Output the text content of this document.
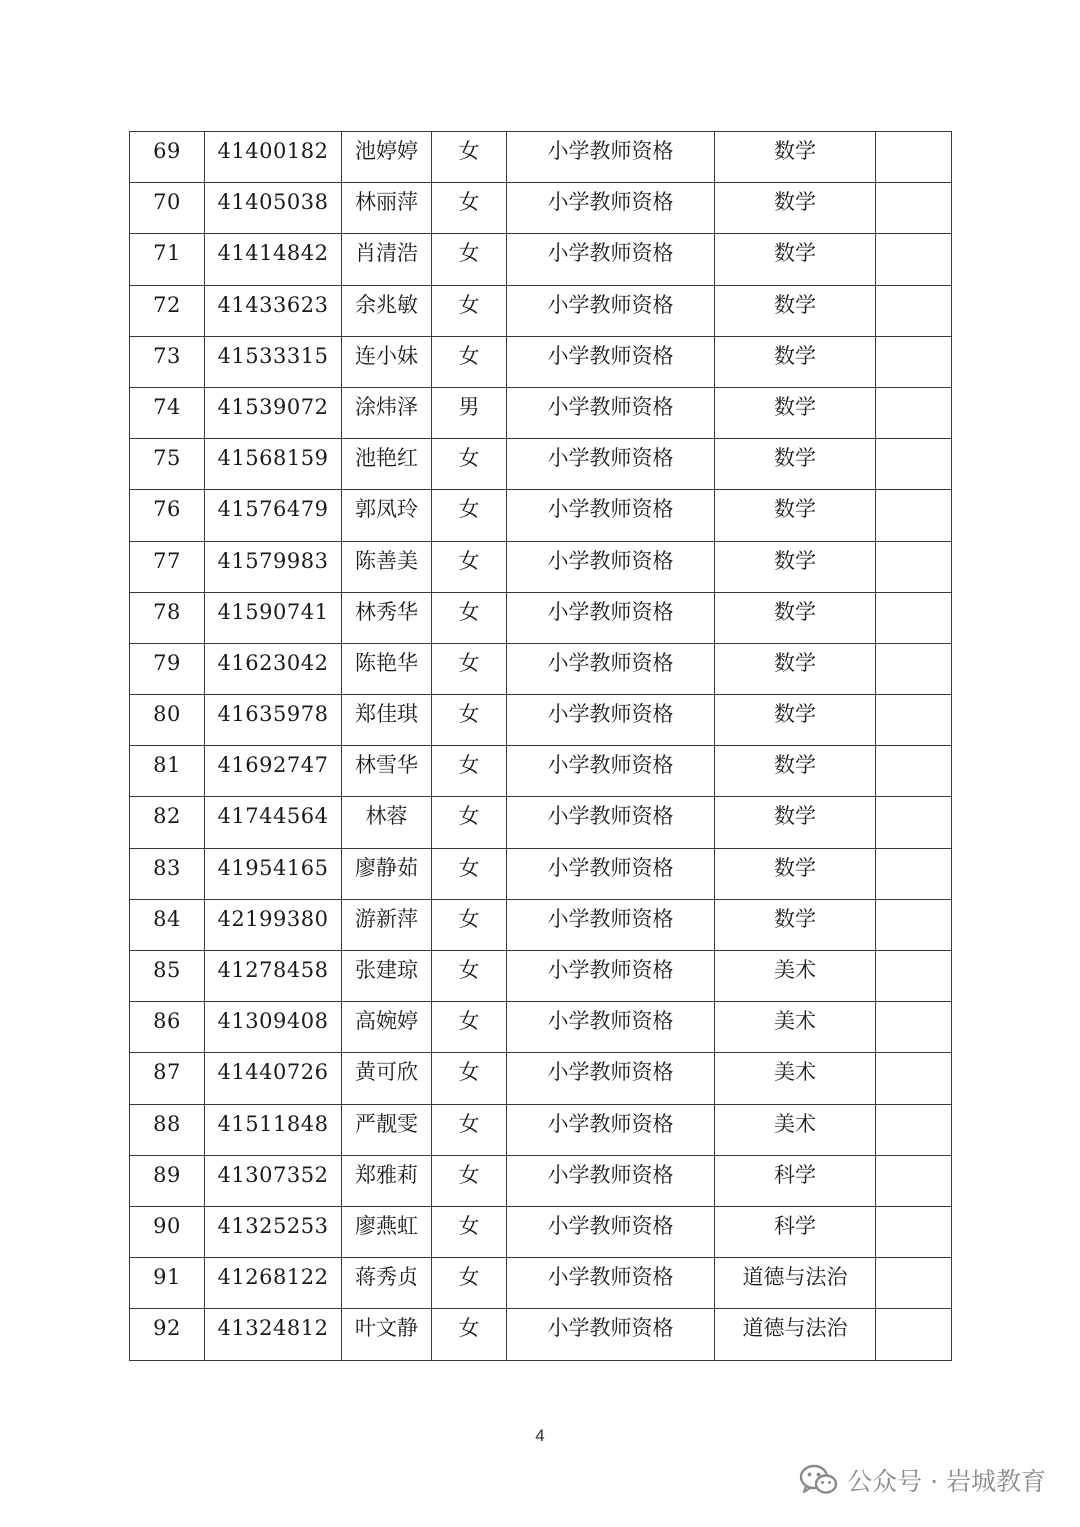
69	41400182	池婷婷	女	小学教师资格	数学	
70	41405038	林丽萍	女	小学教师资格	数学	
71	41414842	肖清浩	女	小学教师资格	数学	
72	41433623	余兆敏	女	小学教师资格	数学	
73	41533315	连小妹	女	小学教师资格	数学	
74	41539072	涂炜泽	男	小学教师资格	数学	
75	41568159	池艳红	女	小学教师资格	数学	
76	41576479	郭凤玲	女	小学教师资格	数学	
77	41579983	陈善美	女	小学教师资格	数学	
78	41590741	林秀华	女	小学教师资格	数学	
79	41623042	陈艳华	女	小学教师资格	数学	
80	41635978	郑佳琪	女	小学教师资格	数学	
81	41692747	林雪华	女	小学教师资格	数学	
82	41744564	林蓉	女	小学教师资格	数学	
83	41954165	廖静茹	女	小学教师资格	数学	
84	42199380	游新萍	女	小学教师资格	数学	
85	41278458	张建琼	女	小学教师资格	美术	
86	41309408	高婉婷	女	小学教师资格	美术	
87	41440726	黄可欣	女	小学教师资格	美术	
88	41511848	严靓雯	女	小学教师资格	美术	
89	41307352	郑雅莉	女	小学教师资格	科学	
90	41325253	廖燕虹	女	小学教师资格	科学	
91	41268122	蒋秀贞	女	小学教师资格	道德与法治	
92	41324812	叶文静	女	小学教师资格	道德与法治	
4
公众号 · 岩城教育
